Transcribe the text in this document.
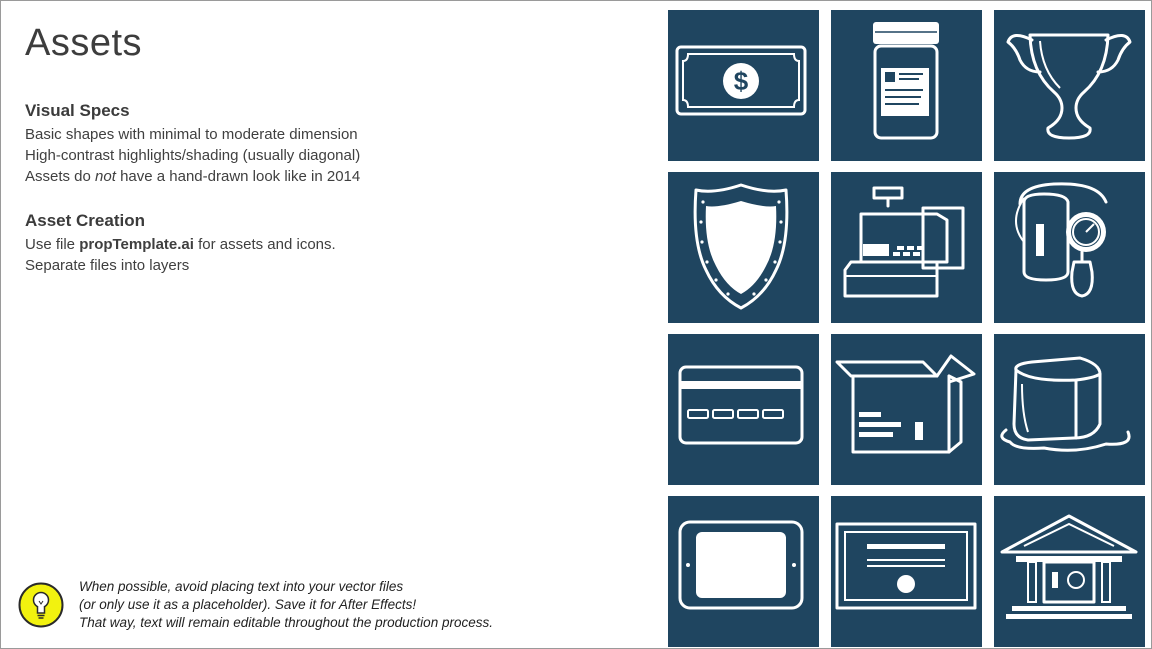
Assets
Visual Specs
Basic shapes with minimal to moderate dimension
High-contrast highlights/shading (usually diagonal)
Assets do not have a hand-drawn look like in 2014
Asset Creation
Use file propTemplate.ai for assets and icons.
Separate files into layers
When possible, avoid placing text into your vector files
(or only use it as a placeholder). Save it for After Effects!
That way, text will remain editable throughout the production process.
$
